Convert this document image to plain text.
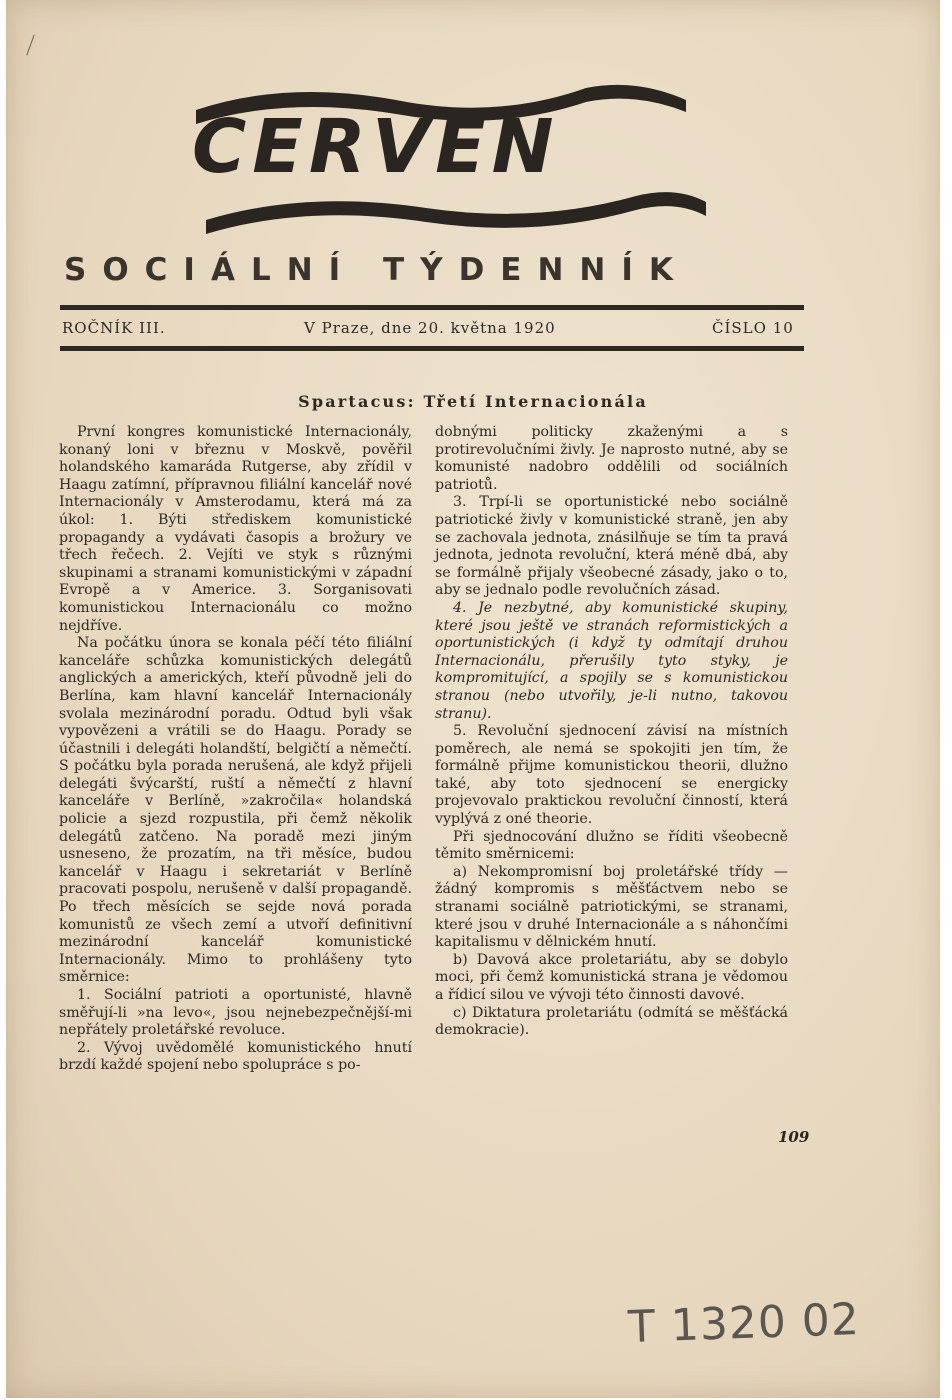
ČERVEN
SOCIÁLNÍ TÝDENNÍK
ROČNÍK III.	V Praze, dne 20. května 1920	ČÍSLO 10
Spartacus: Třetí Internacionála

První kongres komunistické Internacionály, konaný loni v březnu v Moskvě, pověřil holandského kamaráda Rutgerse, aby zřídil v Haagu zatímní, přípravnou filiální kancelář nové Internacionály v Amsterodamu, která má za úkol: 1. Býti střediskem komunistické propagandy a vydávati časopis a brožury ve třech řečech. 2. Vejíti ve styk s různými skupinami a stranami komunistickými v západní Evropě a v Americe. 3. Sorganisovati komunistickou Internacionálu co možno nejdříve.

Na počátku února se konala péčí této filiální kanceláře schůzka komunistických delegátů anglických a amerických, kteří původně jeli do Berlína, kam hlavní kancelář Internacionály svolala mezinárodní poradu. Odtud byli však vypovězeni a vrátili se do Haagu. Porady se účastnili i delegáti holandští, belgičtí a němečtí. S počátku byla porada nerušená, ale když přijeli delegáti švýcarští, ruští a němečtí z hlavní kanceláře v Berlíně, »zakročila« holandská policie a sjezd rozpustila, při čemž několik delegátů zatčeno. Na poradě mezi jiným usneseno, že prozatím, na tři měsíce, budou kancelář v Haagu i sekretariát v Berlíně pracovati pospolu, nerušeně v další propagandě. Po třech měsících se sejde nová porada komunistů ze všech zemí a utvoří definitivní mezinárodní kancelář komunistické Internacionály. Mimo to prohlášeny tyto směrnice:

1. Sociální patrioti a oportunisté, hlavně směřují-li »na levo«, jsou nejnebezpečnější-mi nepřátely proletářské revoluce.

2. Vývoj uvědomělé komunistického hnutí brzdí každé spojení nebo spolupráce s po-

dobnými politicky zkaženými a s protirevolučními živly. Je naprosto nutné, aby se komunisté nadobro oddělili od sociálních patriotů.

3. Trpí-li se oportunistické nebo sociálně patriotické živly v komunistické straně, jen aby se zachovala jednota, znásilňuje se tím ta pravá jednota, jednota revoluční, která méně dbá, aby se formálně přijaly všeobecné zásady, jako o to, aby se jednalo podle revolučních zásad.

4. Je nezbytné, aby komunistické skupiny, které jsou ještě ve stranách reformistických a oportunistických (i když ty odmítají druhou Internacionálu, přerušily tyto styky, je kompromitující, a spojily se s komunistickou stranou (nebo utvořily, je-li nutno, takovou stranu).

5. Revoluční sjednocení závisí na místních poměrech, ale nemá se spokojiti jen tím, že formálně přijme komunistickou theorii, dlužno také, aby toto sjednocení se energicky projevovalo praktickou revoluční činností, která vyplývá z oné theorie.

Při sjednocování dlužno se říditi všeobecně těmito směrnicemi:

a) Nekompromisní boj proletářské třídy — žádný kompromis s měšťáctvem nebo se stranami sociálně patriotickými, se stranami, které jsou v druhé Internacionále a s náhončími kapitalismu v dělnickém hnutí.

b) Davová akce proletariátu, aby se dobylo moci, při čemž komunistická strana je vědomou a řídicí silou ve vývoji této činnosti davové.

c) Diktatura proletariátu (odmítá se měšťácká demokracie).

109
T 1320 02
